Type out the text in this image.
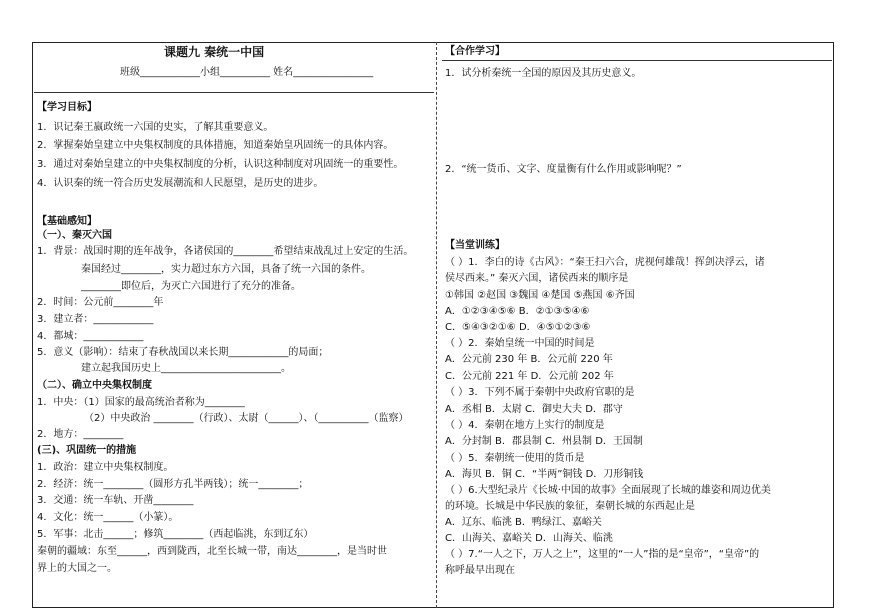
课题九 秦统一中国
班级____________小组__________ 姓名________________
【学习目标】
1．识记秦王嬴政统一六国的史实，了解其重要意义。
2．掌握秦始皇建立中央集权制度的具体措施，知道秦始皇巩固统一的具体内容。
3．通过对秦始皇建立的中央集权制度的分析，认识这种制度对巩固统一的重要性。
4．认识秦的统一符合历史发展潮流和人民愿望，是历史的进步。
【基础感知】
（一）、秦灭六国
1．背景：战国时期的连年战争，各诸侯国的________希望结束战乱过上安定的生活。
秦国经过________，实力超过东方六国，具备了统一六国的条件。
________即位后，为灭亡六国进行了充分的准备。
2．时间：公元前________年
3．建立者：____________
4．都城：____________
5．意义（影响）：结束了春秋战国以来长期____________的局面；
建立起我国历史上________________________。
（二）、确立中央集权制度
1．中央：（1）国家的最高统治者称为________
（2）中央政治 ________（行政）、太尉（______）、（__________（监察）
2．地方：________
(三)、巩固统一的措施
1．政治：建立中央集权制度。
2．经济：统一________（圆形方孔半两钱）；统一________；
3．交通：统一车轨、开凿________
4．文化：统一______（小篆）。
5．军事：北击______；修筑________（西起临洮，东到辽东）
秦朝的疆域：东至______，西到陇西，北至长城一带，南达________，是当时世
界上的大国之一。
【合作学习】
1．试分析秦统一全国的原因及其历史意义。
2．“统一货币、文字、度量衡有什么作用或影响呢？”
【当堂训练】
（ ）1．李白的诗《古风》：“秦王扫六合，虎视何雄哉！挥剑决浮云，诸
侯尽西来。” 秦灭六国，诸侯西来的顺序是
①韩国 ②赵国 ③魏国 ④楚国 ⑤燕国 ⑥齐国
A．①②③④⑤⑥ B．②①③⑤④⑥
C．⑤④③②①⑥ D．④⑤①②③⑥
（ ）2．秦始皇统一中国的时间是
A．公元前 230 年 B．公元前 220 年
C．公元前 221 年 D．公元前 202 年
（ ）3．下列不属于秦朝中央政府官职的是
A．丞相 B．太尉 C．御史大夫 D．郡守
（ ）4．秦朝在地方上实行的制度是
A．分封制 B．郡县制 C．州县制 D．王国制
（ ）5．秦朝统一使用的货币是
A．海贝 B．铜 C．“半两”铜钱 D．刀形铜钱
（ ）6.大型纪录片《长城·中国的故事》全面展现了长城的雄姿和周边优美
的环境。长城是中华民族的象征，秦朝长城的东西起止是
A．辽东、临洮 B．鸭绿江、嘉峪关
C．山海关、嘉峪关 D．山海关、临洮
（ ）7.“一人之下，万人之上”，这里的“一人”指的是“皇帝”，“皇帝”的
称呼最早出现在
